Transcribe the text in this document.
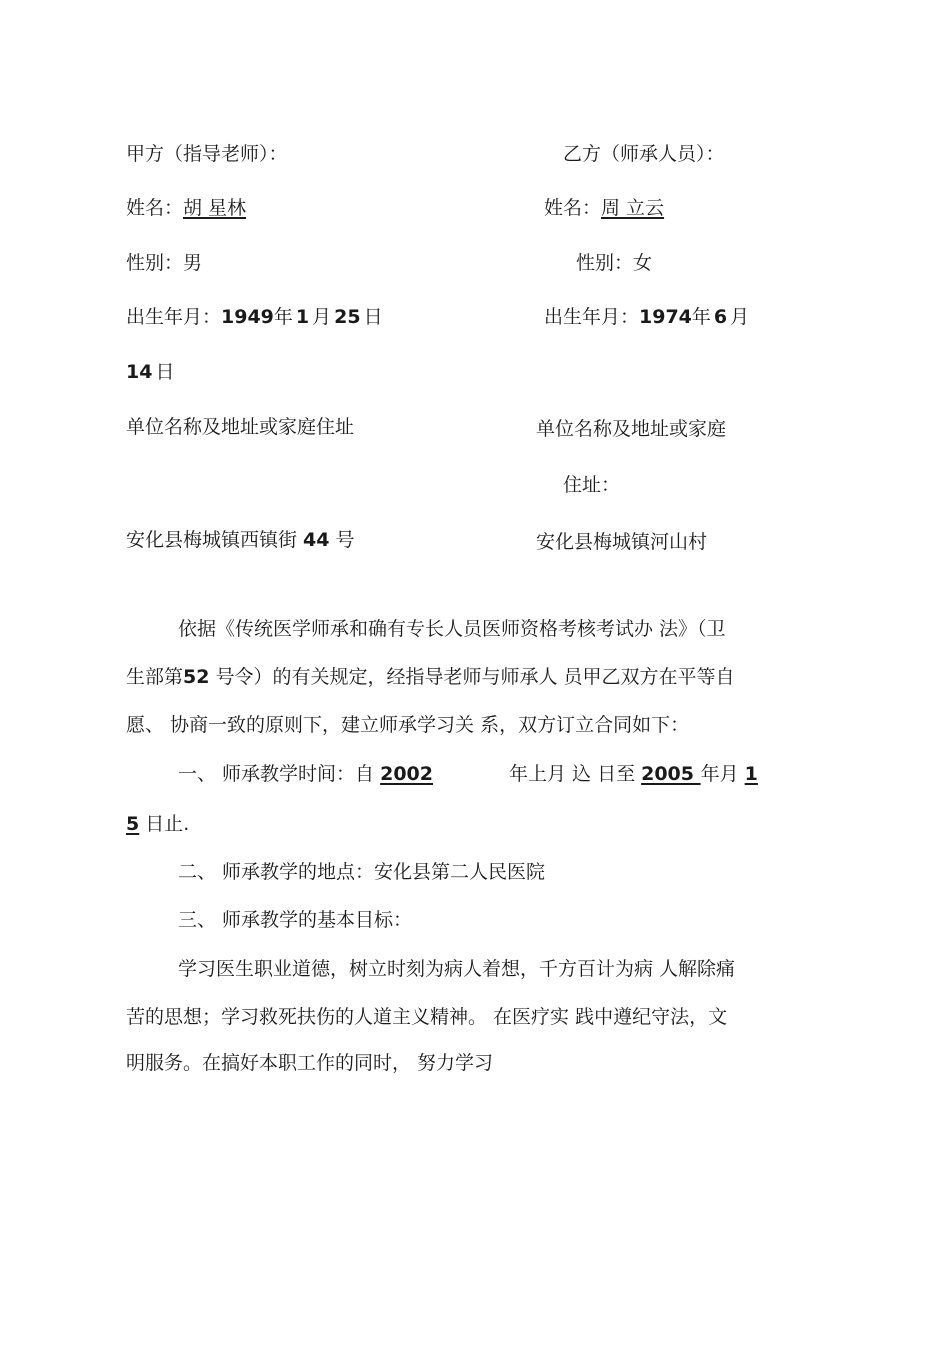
甲方（指导老师）：
姓名：胡 星林
性别：男
出生年月：1949年 1 月 25 日
单位名称及地址或家庭住址
安化县梅城镇西镇街 44 号
乙方（师承人员）：
姓名：周 立云
性别：女
出生年月：1974年 6 月
14 日
单位名称及地址或家庭
住址：
安化县梅城镇河山村
依据《传统医学师承和确有专长人员医师资格考核考试办 法》（卫
生部第52 号令）的有关规定，经指导老师与师承人 员甲乙双方在平等自
愿、 协商一致的原则下，建立师承学习关 系，双方订立合同如下：
一、 师承教学时间：自 2002	年上月 込 日至 2005 年月 1
5 日止.
二、 师承教学的地点：安化县第二人民医院
三、 师承教学的基本目标：
学习医生职业道德，树立时刻为病人着想，千方百计为病 人解除痛
苦的思想；学习救死扶伤的人道主义精神。 在医疗实 践中遵纪守法，文
明服务。在搞好本职工作的同时， 努力学习
